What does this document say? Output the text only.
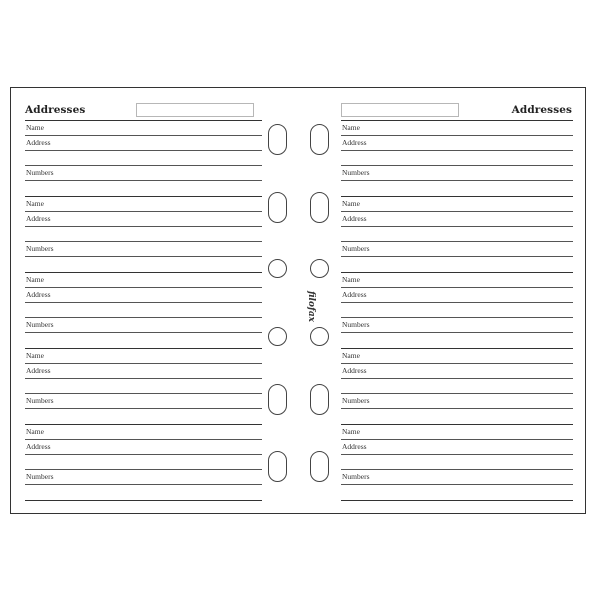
Addresses	Addresses
Name
Address
Numbers
Name
Address
Numbers
Name
Address
Numbers
Name
Address
Numbers
Name
Address
Numbers
Name
Address
Numbers
Name
Address
Numbers
Name
Address
Numbers
Name
Address
Numbers
Name
Address
Numbers
filofax
